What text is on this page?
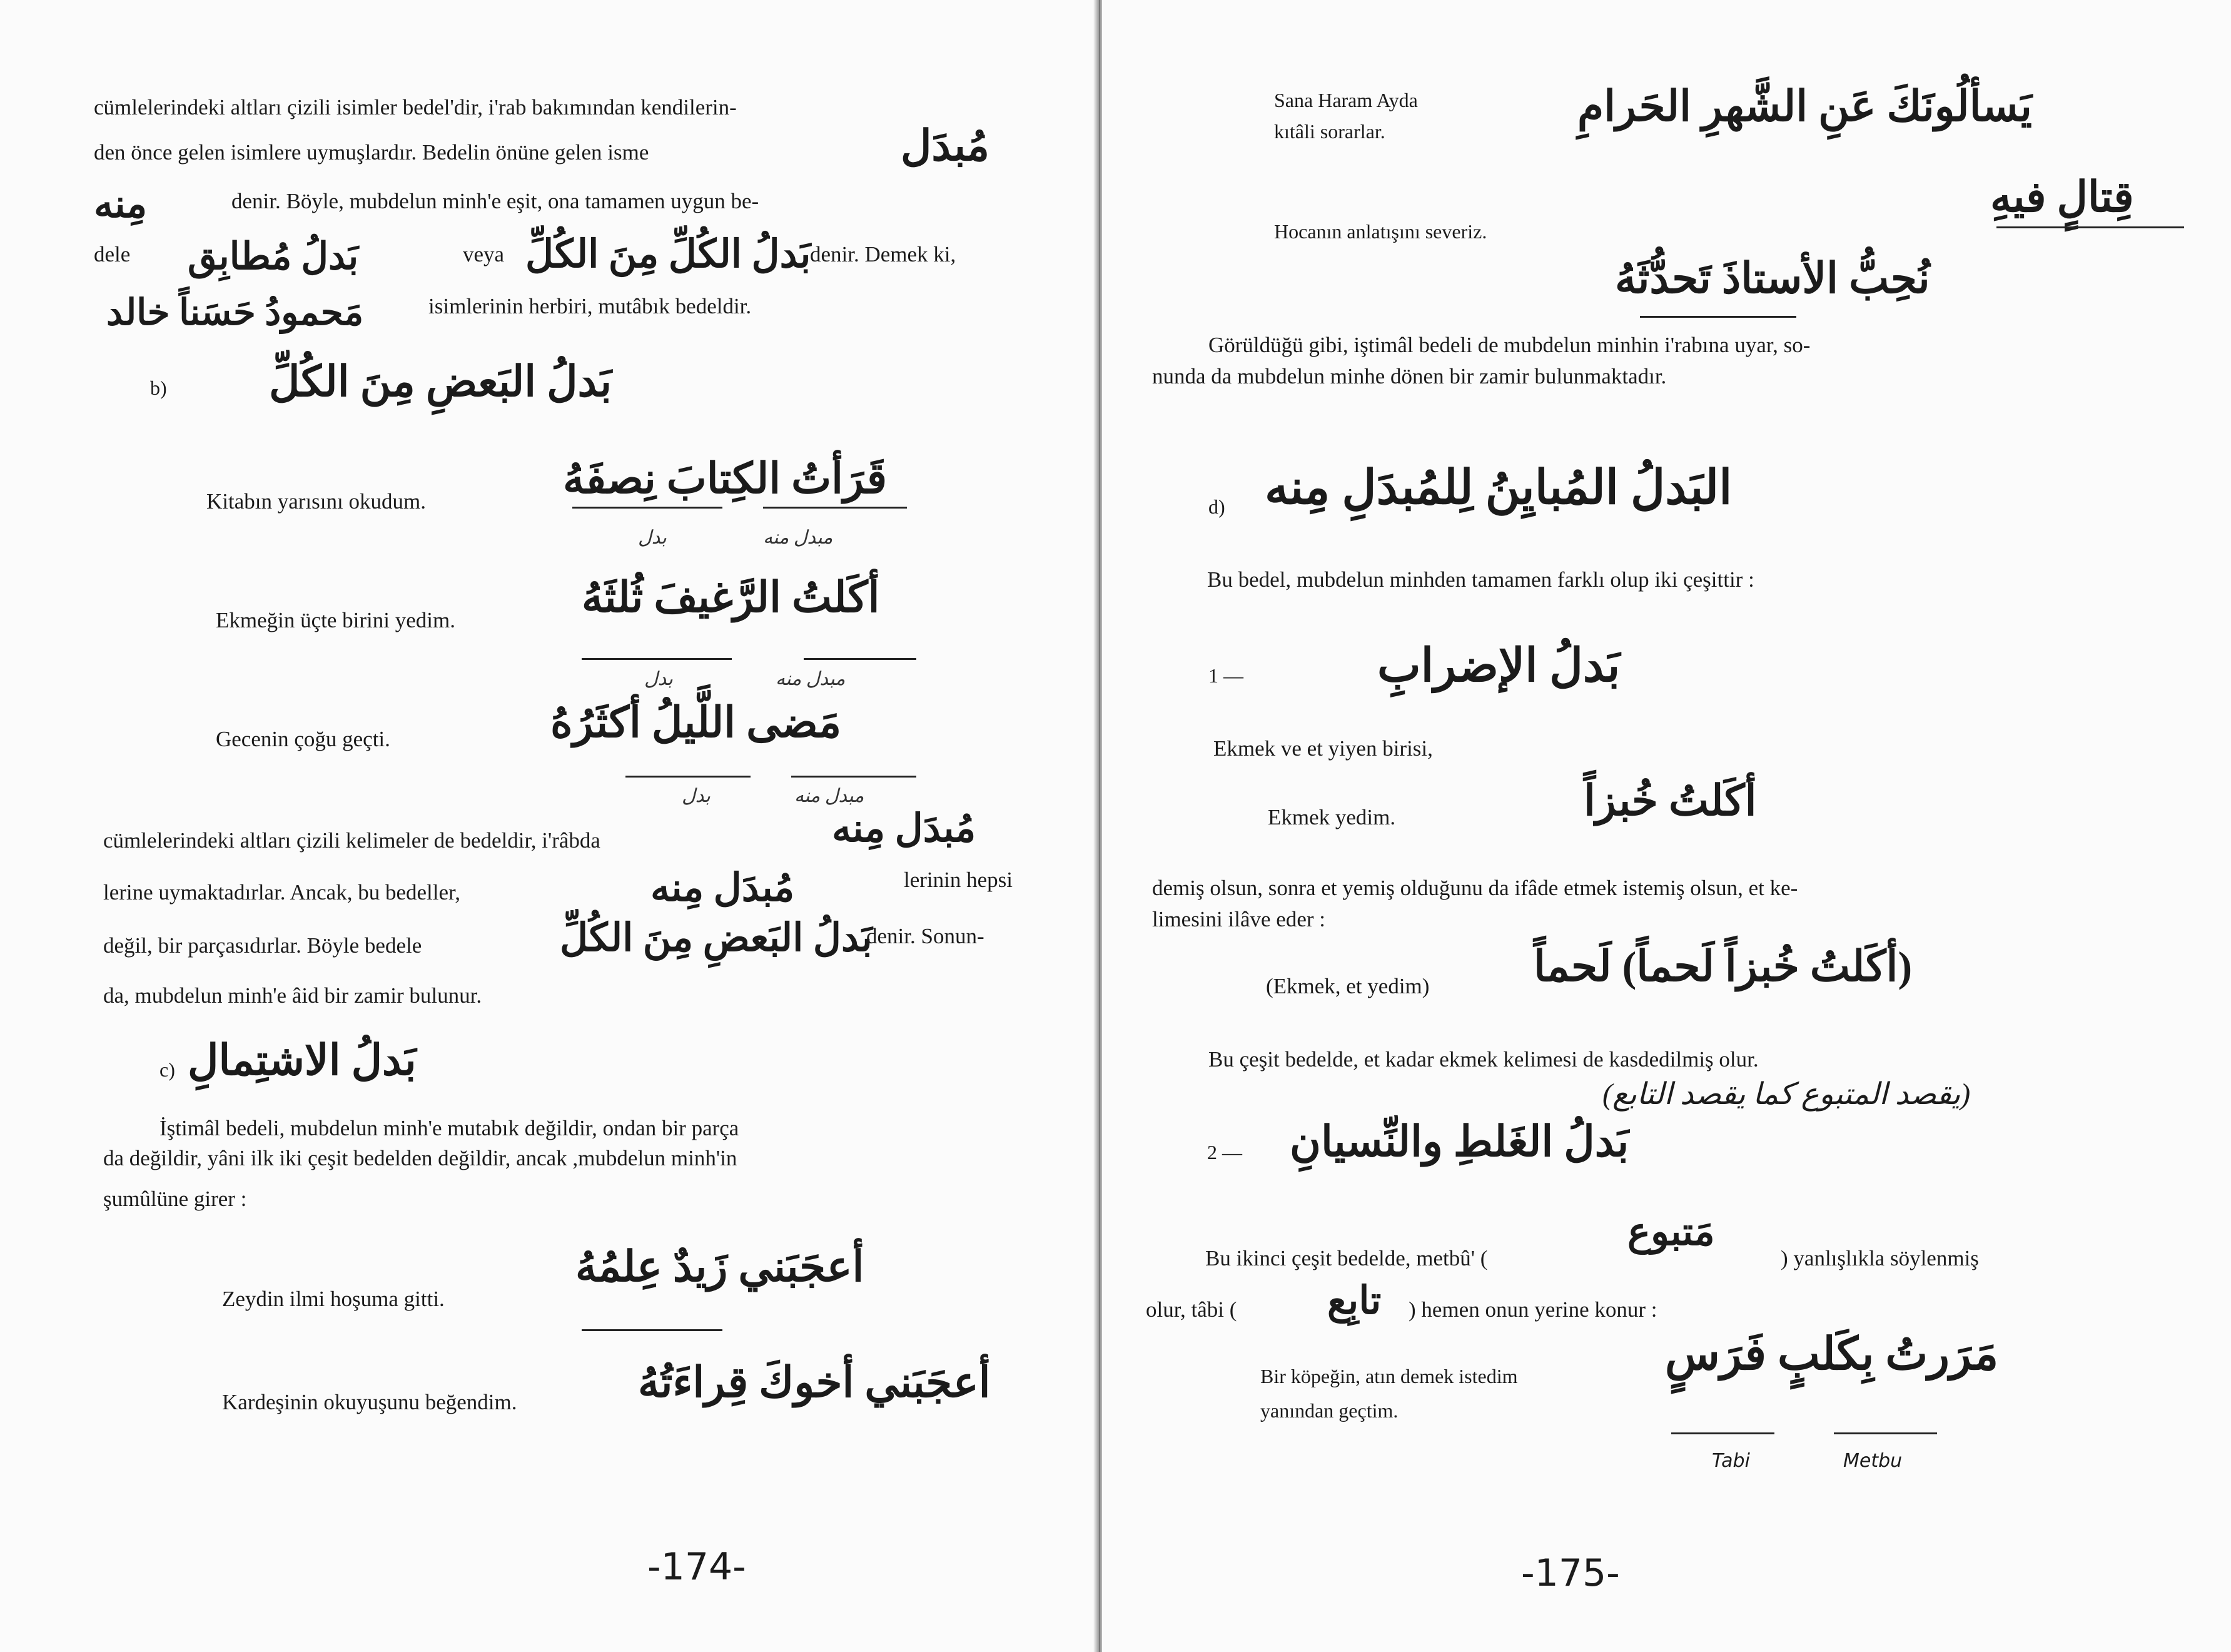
cümlelerindeki altları çizili isimler bedel'dir, i'rab bakımından kendilerin-
den önce gelen isimlere uymuşlardır. Bedelin önüne gelen isme	مُبدَل
مِنه	denir. Böyle, mubdelun minh'e eşit, ona tamamen uygun be-
dele بَدلُ مُطابِق	veya بَدلُ الكُلِّ مِنَ الكُلِّ
denir. Demek ki,
مَحمودُ حَسَناً خالد	isimlerinin herbiri, mutâbık bedeldir.
b) بَدلُ البَعضِ مِنَ الكُلِّ
Kitabın yarısını okudum.	قَرَأتُ الكِتابَ نِصفَهُ
بدل	مبدل منه
Ekmeğin üçte birini yedim.	أكَلتُ الرَّغيفَ ثُلثَهُ
بدل	مبدل منه
Gecenin çoğu geçti.	مَضى اللَّيلُ أكثَرُهُ
بدل	مبدل منه
cümlelerindeki altları çizili kelimeler de bedeldir, i'râbda	مُبدَل مِنه
lerine uymaktadırlar. Ancak, bu bedeller,	مُبدَل مِنه	lerinin hepsi
değil, bir parçasıdırlar. Böyle bedele	بَدلُ البَعضِ مِنَ الكُلِّ
denir. Sonun-
da, mubdelun minh'e âid bir zamir bulunur.
c) بَدلُ الاشتِمالِ
İştimâl bedeli, mubdelun minh'e mutabık değildir, ondan bir parça
da değildir, yâni ilk iki çeşit bedelden değildir, ancak ,mubdelun minh'in
şumûlüne girer :
Zeydin ilmi hoşuma gitti.
أعجَبَني زَيدٌ عِلمُهُ
Kardeşinin okuyuşunu beğendim.	أعجَبَني أخوكَ قِراءَتُهُ
-174-
Sana Haram Ayda
kıtâli sorarlar.
يَسألُونَكَ عَنِ الشَّهرِ الحَرامِ
قِتالٍ فيهِ
Hocanın anlatışını severiz.
نُحِبُّ الأستاذَ تَحدُّثَهُ
Görüldüğü gibi, iştimâl bedeli de mubdelun minhin i'rabına uyar, so-
nunda da mubdelun minhe dönen bir zamir bulunmaktadır.
d) البَدلُ المُبايِنُ لِلمُبدَلِ مِنه
Bu bedel, mubdelun minhden tamamen farklı olup iki çeşittir :
1 —	بَدلُ الإضرابِ
Ekmek ve et yiyen birisi,
Ekmek yedim.	أكَلتُ خُبزاً
demiş olsun, sonra et yemiş olduğunu da ifâde etmek istemiş olsun, et ke-
limesini ilâve eder :
(Ekmek, et yedim) (أكَلتُ خُبزاً لَحماً) لَحماً
Bu çeşit bedelde, et kadar ekmek kelimesi de kasdedilmiş olur.
(يقصد المتبوع كما يقصد التابع)
2 — بَدلُ الغَلطِ والنِّسيانِ
Bu ikinci çeşit bedelde, metbû' (
مَتبوع
) yanlışlıkla söylenmiş
olur, tâbi ( تابِع ) hemen onun yerine konur :
Bir köpeğin, atın demek istedim
yanından geçtim.
مَرَرتُ بِكَلبٍ فَرَسٍ
Tabi	Metbu
-175-
